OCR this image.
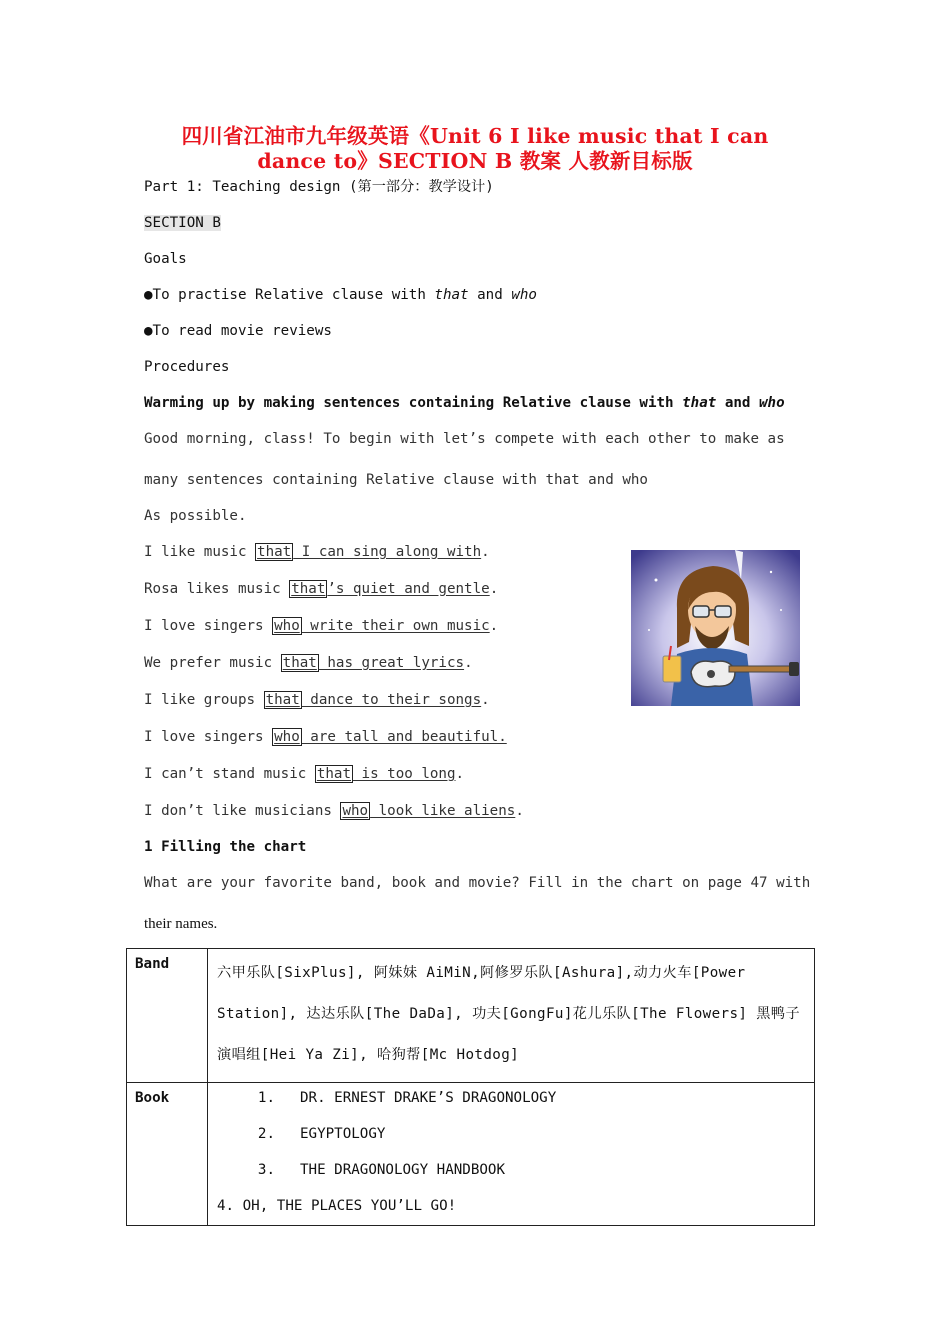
四川省江油市九年级英语《Unit 6 I like music that I can
dance to》SECTION B 教案 人教新目标版
Part 1: Teaching design (第一部分：教学设计)
SECTION B
Goals
●To practise Relative clause with that and who
●To read movie reviews
Procedures
Warming up by making sentences containing Relative clause with that and who
Good morning, class! To begin with let’s compete with each other to make as
many sentences containing Relative clause with that and who
As possible.
I like music that I can sing along with.
Rosa likes music that ’s quiet and gentle.
I love singers who write their own music.
We prefer music that has great lyrics.
I like groups that dance to their songs.
I love singers who are tall and beautiful.
I can’t stand music that is too long.
I don’t like musicians who look like aliens.
1 Filling the chart
What are your favorite band, book and movie? Fill in the chart on page 47 with
their names.
Band	六甲乐队[SixPlus], 阿妹妹 AiMiN,阿修罗乐队[Ashura],动力火车[Power Station], 达达乐队[The DaDa], 功夫[GongFu]花儿乐队[The Flowers] 黑鸭子演唱组[Hei Ya Zi], 哈狗帮[Mc Hotdog]

Book	1. DR. ERNEST DRAKE’S DRAGONOLOGY
2. EGYPTOLOGY
3. THE DRAGONOLOGY HANDBOOK
4. OH, THE PLACES YOU’LL GO!
